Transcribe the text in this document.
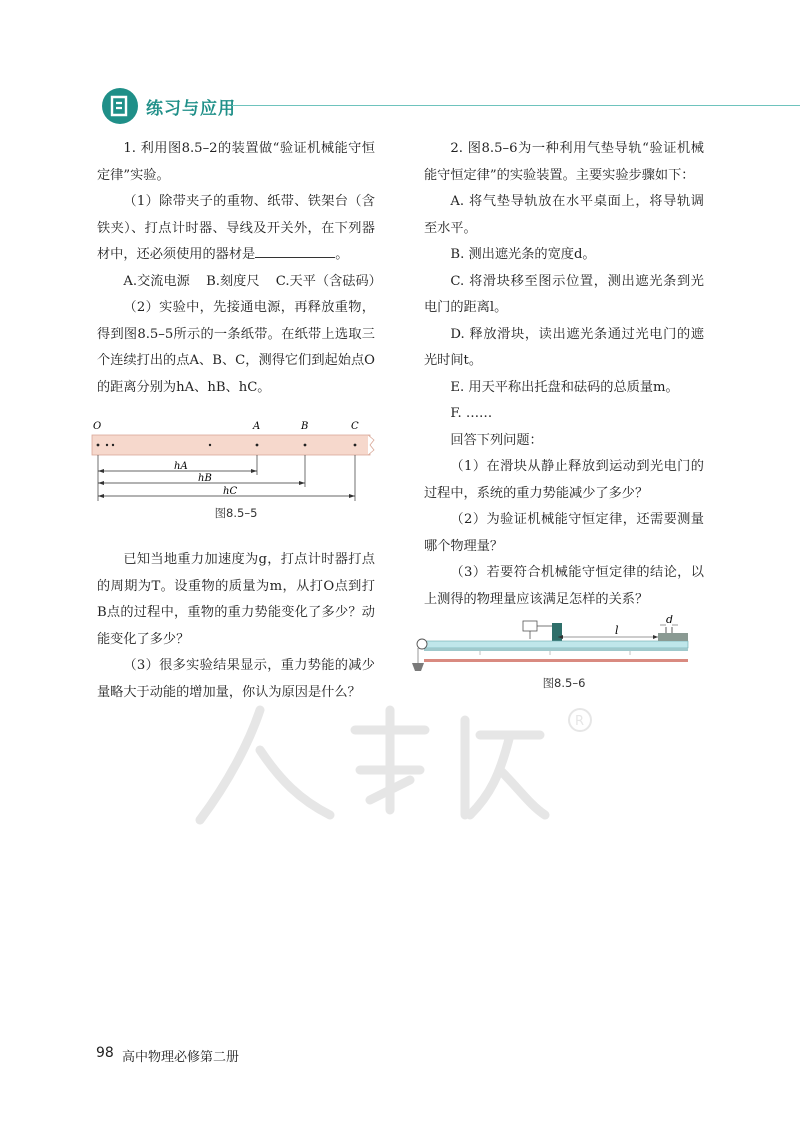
练习与应用

1. 利用图8.5–2的装置做“验证机械能守恒定律”实验。

（1）除带夹子的重物、纸带、铁架台（含铁夹）、打点计时器、导线及开关外，在下列器材中，还必须使用的器材是	。

A.交流电源 B.刻度尺 C.天平（含砝码）

（2）实验中，先接通电源，再释放重物，得到图8.5–5所示的一条纸带。在纸带上选取三个连续打出的点A、B、C，测得它们到起始点O的距离分别为hA、hB、hC。

O	A	B	C
hA
hB
hC
图8.5–5

已知当地重力加速度为g，打点计时器打点的周期为T。设重物的质量为m，从打O点到打B点的过程中，重物的重力势能变化了多少？动能变化了多少？

（3）很多实验结果显示，重力势能的减少量略大于动能的增加量，你认为原因是什么？

2. 图8.5–6为一种利用气垫导轨“验证机械能守恒定律”的实验装置。主要实验步骤如下：

A. 将气垫导轨放在水平桌面上，将导轨调至水平。

B. 测出遮光条的宽度d。

C. 将滑块移至图示位置，测出遮光条到光电门的距离l。

D. 释放滑块，读出遮光条通过光电门的遮光时间t。

E. 用天平称出托盘和砝码的总质量m。

F. ……

回答下列问题：

（1）在滑块从静止释放到运动到光电门的过程中，系统的重力势能减少了多少？

（2）为验证机械能守恒定律，还需要测量哪个物理量？

（3）若要符合机械能守恒定律的结论，以上测得的物理量应该满足怎样的关系？

l
d
图8.5–6
R
98 高中物理必修第二册
